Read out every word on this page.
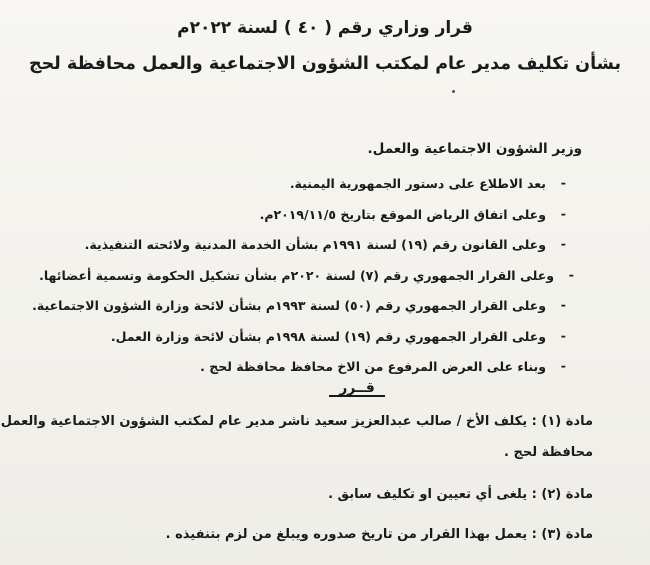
قرار وزاري رقم ( ٤٠ ) لسنة ٢٠٢٢م
بشأن تكليف مدير عام لمكتب الشؤون الاجتماعية والعمل محافظة لحج
وزير الشؤون الاجتماعية والعمل.
- بعد الاطلاع على دستور الجمهورية اليمنية.
- وعلى اتفاق الرياض الموقع بتاريخ ٢٠١٩/١١/٥م.
- وعلى القانون رقم (١٩) لسنة ١٩٩١م بشأن الخدمة المدنية ولائحته التنفيذية.
- وعلى القرار الجمهوري رقم (٧) لسنة ٢٠٢٠م بشأن تشكيل الحكومة وتسمية أعضائها.
- وعلى القرار الجمهوري رقم (٥٠) لسنة ١٩٩٣م بشأن لائحة وزارة الشؤون الاجتماعية.
- وعلى القرار الجمهوري رقم (١٩) لسنة ١٩٩٨م بشأن لائحة وزارة العمل.
- وبناء على العرض المرفوع من الاخ محافظ محافظة لحج .
قــرر
مادة (١) : يكلف الأخ / صالب عبدالعزيز سعيد ناشر مدير عام لمكتب الشؤون الاجتماعية والعمل
محافظة لحج .
مادة (٢) : يلغى أي تعيين او تكليف سابق .
مادة (٣) : يعمل بهذا القرار من تاريخ صدوره ويبلغ من لزم بتنفيذه .
